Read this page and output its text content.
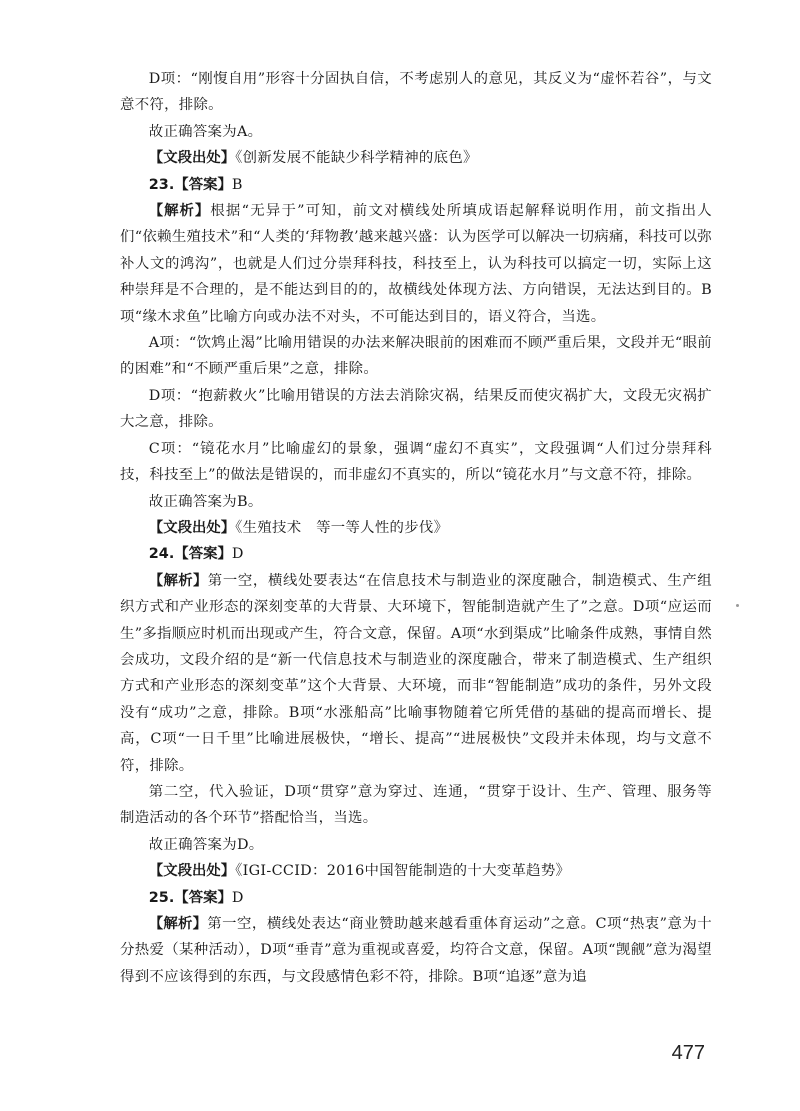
D项：“刚愎自用”形容十分固执自信，不考虑别人的意见，其反义为“虚怀若谷”，与文意不符，排除。

故正确答案为A。

【文段出处】《创新发展不能缺少科学精神的底色》

23.【答案】B

【解析】根据“无异于”可知，前文对横线处所填成语起解释说明作用，前文指出人们“依赖生殖技术”和“人类的‘拜物教’越来越兴盛：认为医学可以解决一切病痛，科技可以弥补人文的鸿沟”，也就是人们过分崇拜科技，科技至上，认为科技可以搞定一切，实际上这种崇拜是不合理的，是不能达到目的的，故横线处体现方法、方向错误，无法达到目的。B项“缘木求鱼”比喻方向或办法不对头，不可能达到目的，语义符合，当选。

A项：“饮鸩止渴”比喻用错误的办法来解决眼前的困难而不顾严重后果，文段并无“眼前的困难”和“不顾严重后果”之意，排除。

D项：“抱薪救火”比喻用错误的方法去消除灾祸，结果反而使灾祸扩大，文段无灾祸扩大之意，排除。

C项：“镜花水月”比喻虚幻的景象，强调“虚幻不真实”，文段强调“人们过分崇拜科技，科技至上”的做法是错误的，而非虚幻不真实的，所以“镜花水月”与文意不符，排除。

故正确答案为B。

【文段出处】《生殖技术　等一等人性的步伐》

24.【答案】D

【解析】第一空，横线处要表达“在信息技术与制造业的深度融合，制造模式、生产组织方式和产业形态的深刻变革的大背景、大环境下，智能制造就产生了”之意。D项“应运而生”多指顺应时机而出现或产生，符合文意，保留。A项“水到渠成”比喻条件成熟，事情自然会成功，文段介绍的是“新一代信息技术与制造业的深度融合，带来了制造模式、生产组织方式和产业形态的深刻变革”这个大背景、大环境，而非“智能制造”成功的条件，另外文段没有“成功”之意，排除。B项“水涨船高”比喻事物随着它所凭借的基础的提高而增长、提高，C项“一日千里”比喻进展极快，“增长、提高”“进展极快”文段并未体现，均与文意不符，排除。

第二空，代入验证，D项“贯穿”意为穿过、连通，“贯穿于设计、生产、管理、服务等制造活动的各个环节”搭配恰当，当选。

故正确答案为D。

【文段出处】《IGI-CCID：2016中国智能制造的十大变革趋势》

25.【答案】D

【解析】第一空，横线处表达“商业赞助越来越看重体育运动”之意。C项“热衷”意为十分热爱（某种活动），D项“垂青”意为重视或喜爱，均符合文意，保留。A项“觊觎”意为渴望得到不应该得到的东西，与文段感情色彩不符，排除。B项“追逐”意为追

477
